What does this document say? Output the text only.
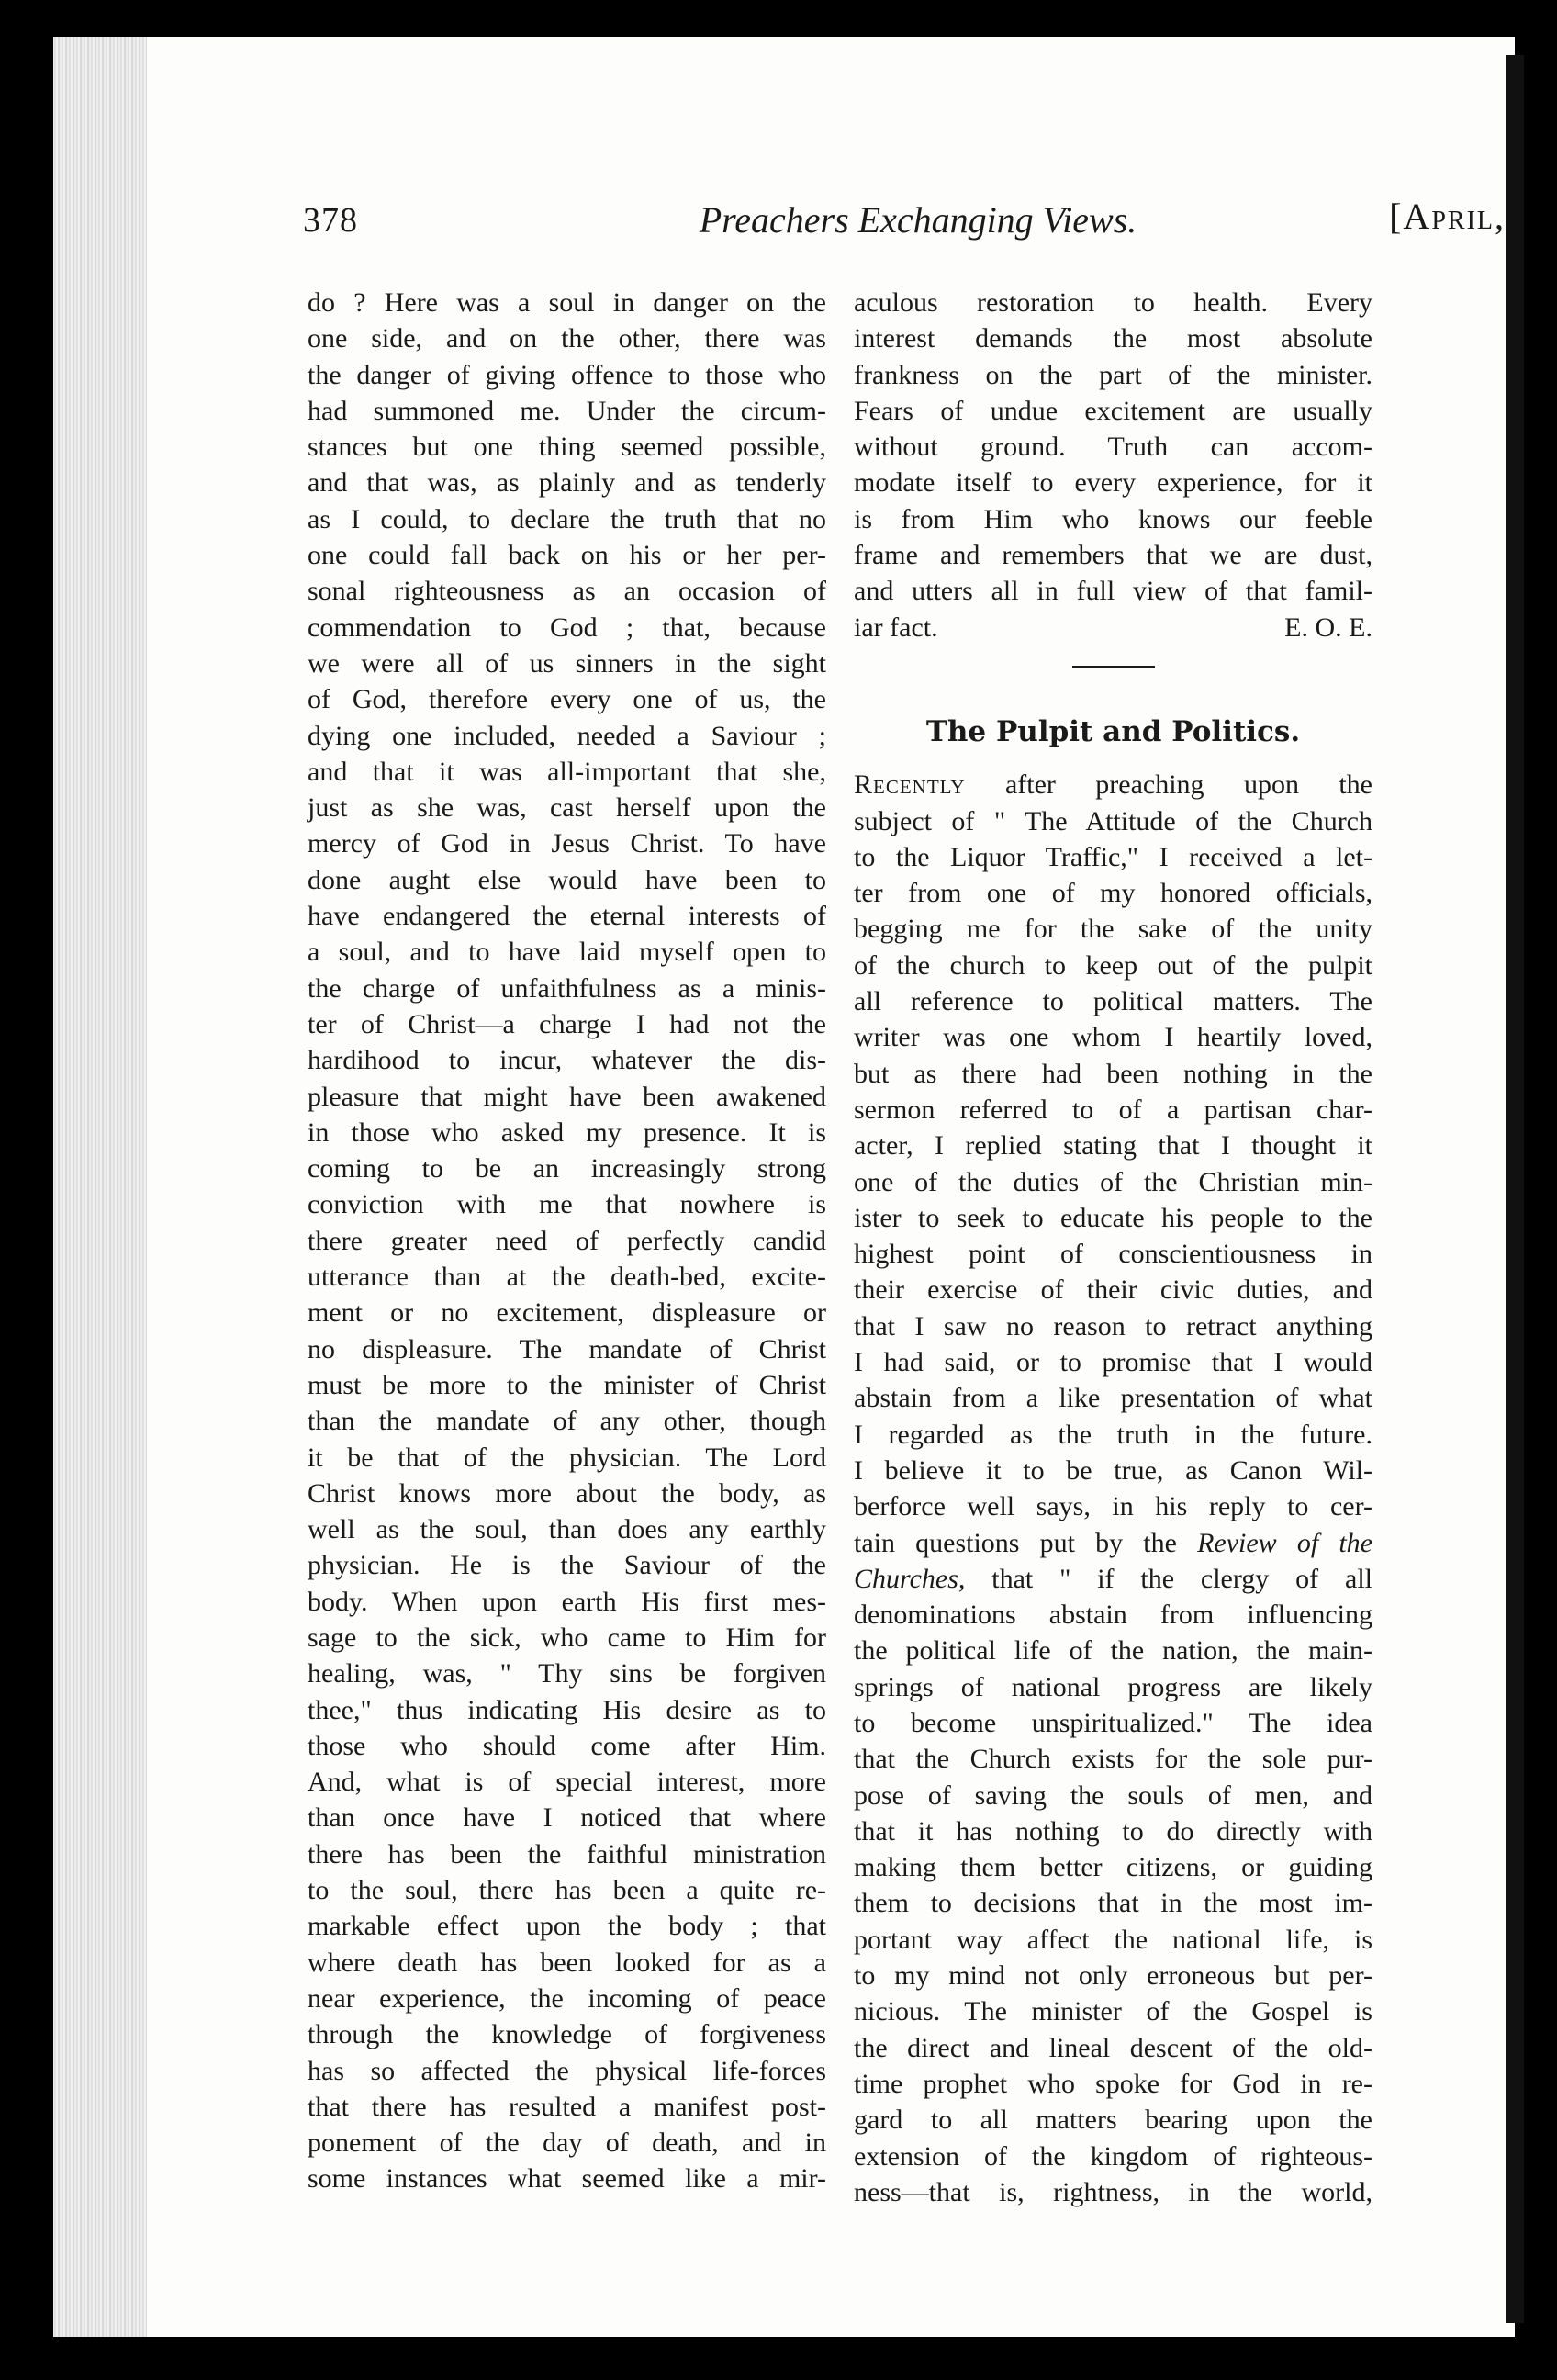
378	Preachers Exchanging Views.	[April,
do ? Here was a soul in danger on the
one side, and on the other, there was
the danger of giving offence to those who
had summoned me. Under the circum-
stances but one thing seemed possible,
and that was, as plainly and as tenderly
as I could, to declare the truth that no
one could fall back on his or her per-
sonal righteousness as an occasion of
commendation to God ; that, because
we were all of us sinners in the sight
of God, therefore every one of us, the
dying one included, needed a Saviour ;
and that it was all-important that she,
just as she was, cast herself upon the
mercy of God in Jesus Christ. To have
done aught else would have been to
have endangered the eternal interests of
a soul, and to have laid myself open to
the charge of unfaithfulness as a minis-
ter of Christ—a charge I had not the
hardihood to incur, whatever the dis-
pleasure that might have been awakened
in those who asked my presence. It is
coming to be an increasingly strong
conviction with me that nowhere is
there greater need of perfectly candid
utterance than at the death-bed, excite-
ment or no excitement, displeasure or
no displeasure. The mandate of Christ
must be more to the minister of Christ
than the mandate of any other, though
it be that of the physician. The Lord
Christ knows more about the body, as
well as the soul, than does any earthly
physician. He is the Saviour of the
body. When upon earth His first mes-
sage to the sick, who came to Him for
healing, was, " Thy sins be forgiven
thee," thus indicating His desire as to
those who should come after Him.
And, what is of special interest, more
than once have I noticed that where
there has been the faithful ministration
to the soul, there has been a quite re-
markable effect upon the body ; that
where death has been looked for as a
near experience, the incoming of peace
through the knowledge of forgiveness
has so affected the physical life-forces
that there has resulted a manifest post-
ponement of the day of death, and in
some instances what seemed like a mir-
aculous restoration to health. Every
interest demands the most absolute
frankness on the part of the minister.
Fears of undue excitement are usually
without ground. Truth can accom-
modate itself to every experience, for it
is from Him who knows our feeble
frame and remembers that we are dust,
and utters all in full view of that famil-
iar fact.	E. O. E.
The Pulpit and Politics.
Recently after preaching upon the
subject of " The Attitude of the Church
to the Liquor Traffic," I received a let-
ter from one of my honored officials,
begging me for the sake of the unity
of the church to keep out of the pulpit
all reference to political matters. The
writer was one whom I heartily loved,
but as there had been nothing in the
sermon referred to of a partisan char-
acter, I replied stating that I thought it
one of the duties of the Christian min-
ister to seek to educate his people to the
highest point of conscientiousness in
their exercise of their civic duties, and
that I saw no reason to retract anything
I had said, or to promise that I would
abstain from a like presentation of what
I regarded as the truth in the future.
I believe it to be true, as Canon Wil-
berforce well says, in his reply to cer-
tain questions put by the Review of the
Churches, that " if the clergy of all
denominations abstain from influencing
the political life of the nation, the main-
springs of national progress are likely
to become unspiritualized." The idea
that the Church exists for the sole pur-
pose of saving the souls of men, and
that it has nothing to do directly with
making them better citizens, or guiding
them to decisions that in the most im-
portant way affect the national life, is
to my mind not only erroneous but per-
nicious. The minister of the Gospel is
the direct and lineal descent of the old-
time prophet who spoke for God in re-
gard to all matters bearing upon the
extension of the kingdom of righteous-
ness—that is, rightness, in the world,
